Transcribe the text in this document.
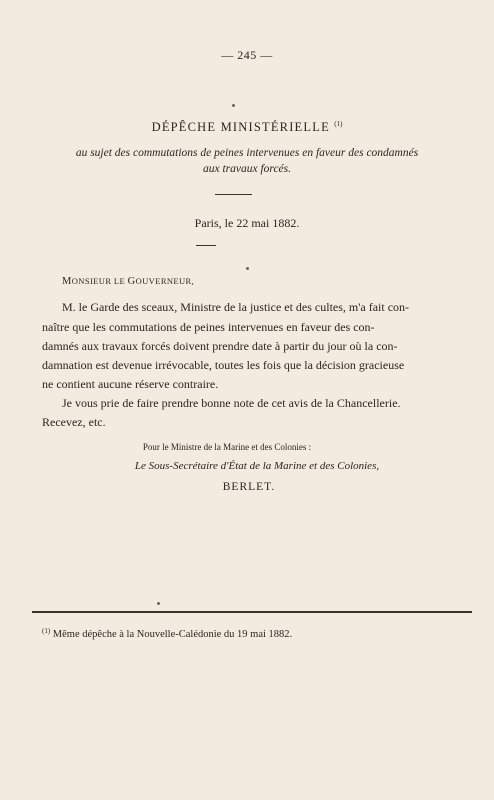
— 245 —
DÉPÊCHE MINISTÉRIELLE $^{(1)}$
au sujet des commutations de peines intervenues en faveur des condamnés
aux travaux forcés.
Paris, le 22 mai 1882.
MONSIEUR LE GOUVERNEUR,
M. le Garde des sceaux, Ministre de la justice et des cultes, m'a fait con-
naître que les commutations de peines intervenues en faveur des con-
damnés aux travaux forcés doivent prendre date à partir du jour où la con-
damnation est devenue irrévocable, toutes les fois que la décision gracieuse
ne contient aucune réserve contraire.
Je vous prie de faire prendre bonne note de cet avis de la Chancellerie.
Recevez, etc.
Pour le Ministre de la Marine et des Colonies :
Le Sous-Secrétaire d'État de la Marine et des Colonies,
BERLET.
$^{(1)}$ Même dépêche à la Nouvelle-Calédonie du 19 mai 1882.
